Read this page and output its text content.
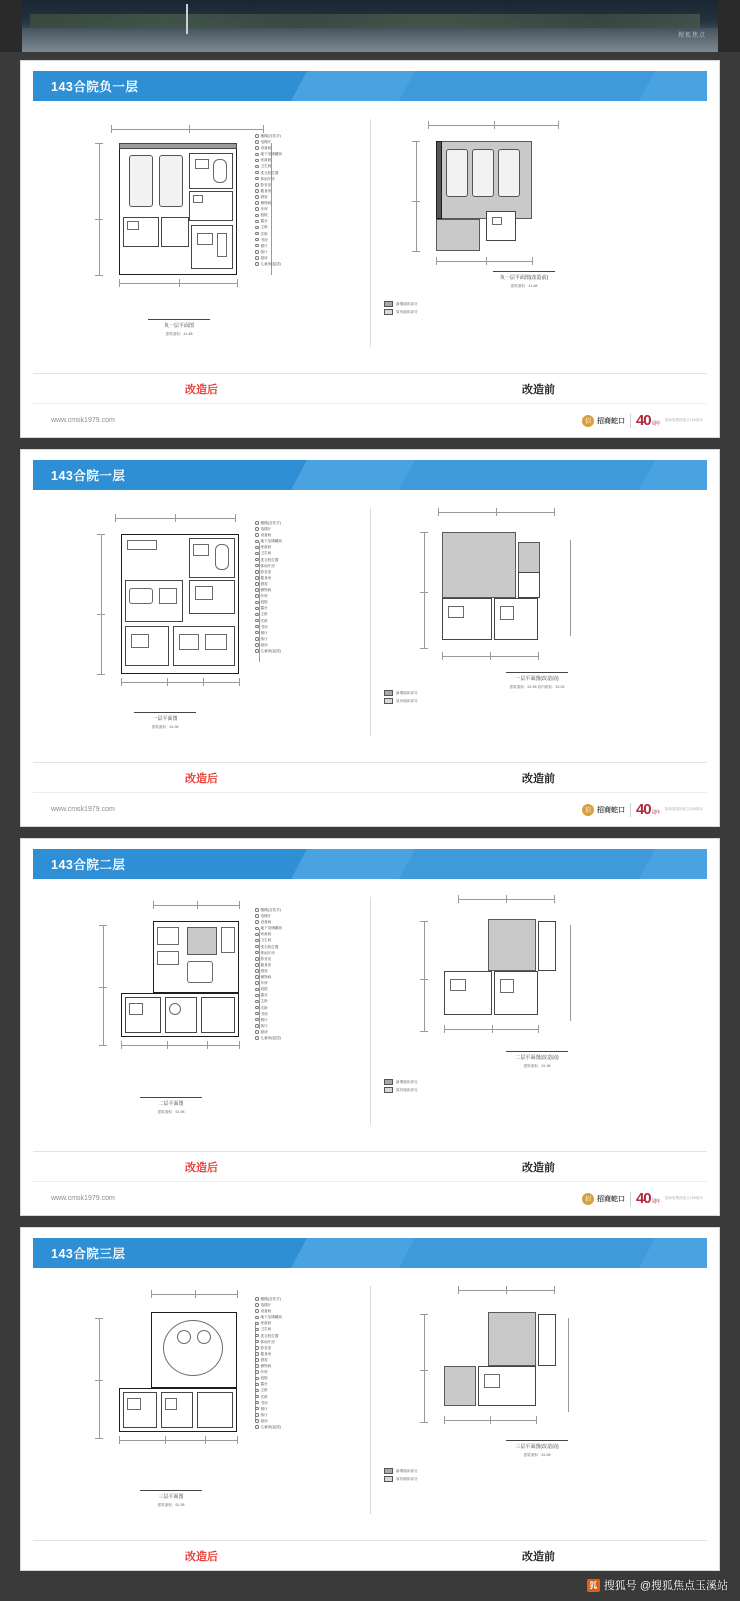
搜狐焦点
143合院负一层
楼梯(含扶手)
电梯厅
设备间
地下室储藏间
家政间
卫生间
洗衣机位置
休闲厅房
影音室
健身房
酒窖
储物间
车库
庭院
露台
主卧
次卧
书房
餐厅
客厅
厨房
儿童房(起居)
负一层平面图
建筑面积：41.88
负一层平面图(改造前)
建筑面积：41.88
新增墙体部分
原有墙体部分
改造后	改造前
www.cmsk1979.com	招 招商蛇口 40 周年
招商局集团成立150周年
143合院一层
楼梯(含扶手)
电梯厅
设备间
地下室储藏间
家政间
卫生间
洗衣机位置
休闲厅房
影音室
健身房
酒窖
储物间
车库
庭院
露台
主卧
次卧
书房
餐厅
客厅
厨房
儿童房(起居)
一层平面图
建筑面积：61.98
一层平面图(改造前)
建筑面积：61.98 套内面积：52.05
新增墙体部分
原有墙体部分
改造后	改造前
www.cmsk1979.com	招 招商蛇口 40 周年
招商局集团成立150周年
143合院二层
楼梯(含扶手)
电梯厅
设备间
地下室储藏间
家政间
卫生间
洗衣机位置
休闲厅房
影音室
健身房
酒窖
储物间
车库
庭院
露台
主卧
次卧
书房
餐厅
客厅
厨房
儿童房(起居)
二层平面图
建筑面积：61.98
二层平面图(改造前)
建筑面积：61.98
新增墙体部分
原有墙体部分
改造后	改造前
www.cmsk1979.com	招 招商蛇口 40 周年
招商局集团成立150周年
143合院三层
楼梯(含扶手)
电梯厅
设备间
地下室储藏间
家政间
卫生间
洗衣机位置
休闲厅房
影音室
健身房
酒窖
储物间
车库
庭院
露台
主卧
次卧
书房
餐厅
客厅
厨房
儿童房(起居)
三层平面图
建筑面积：61.98
三层平面图(改造前)
建筑面积：61.98
新增墙体部分
原有墙体部分
改造后	改造前
狐 搜狐号 @搜狐焦点玉溪站
